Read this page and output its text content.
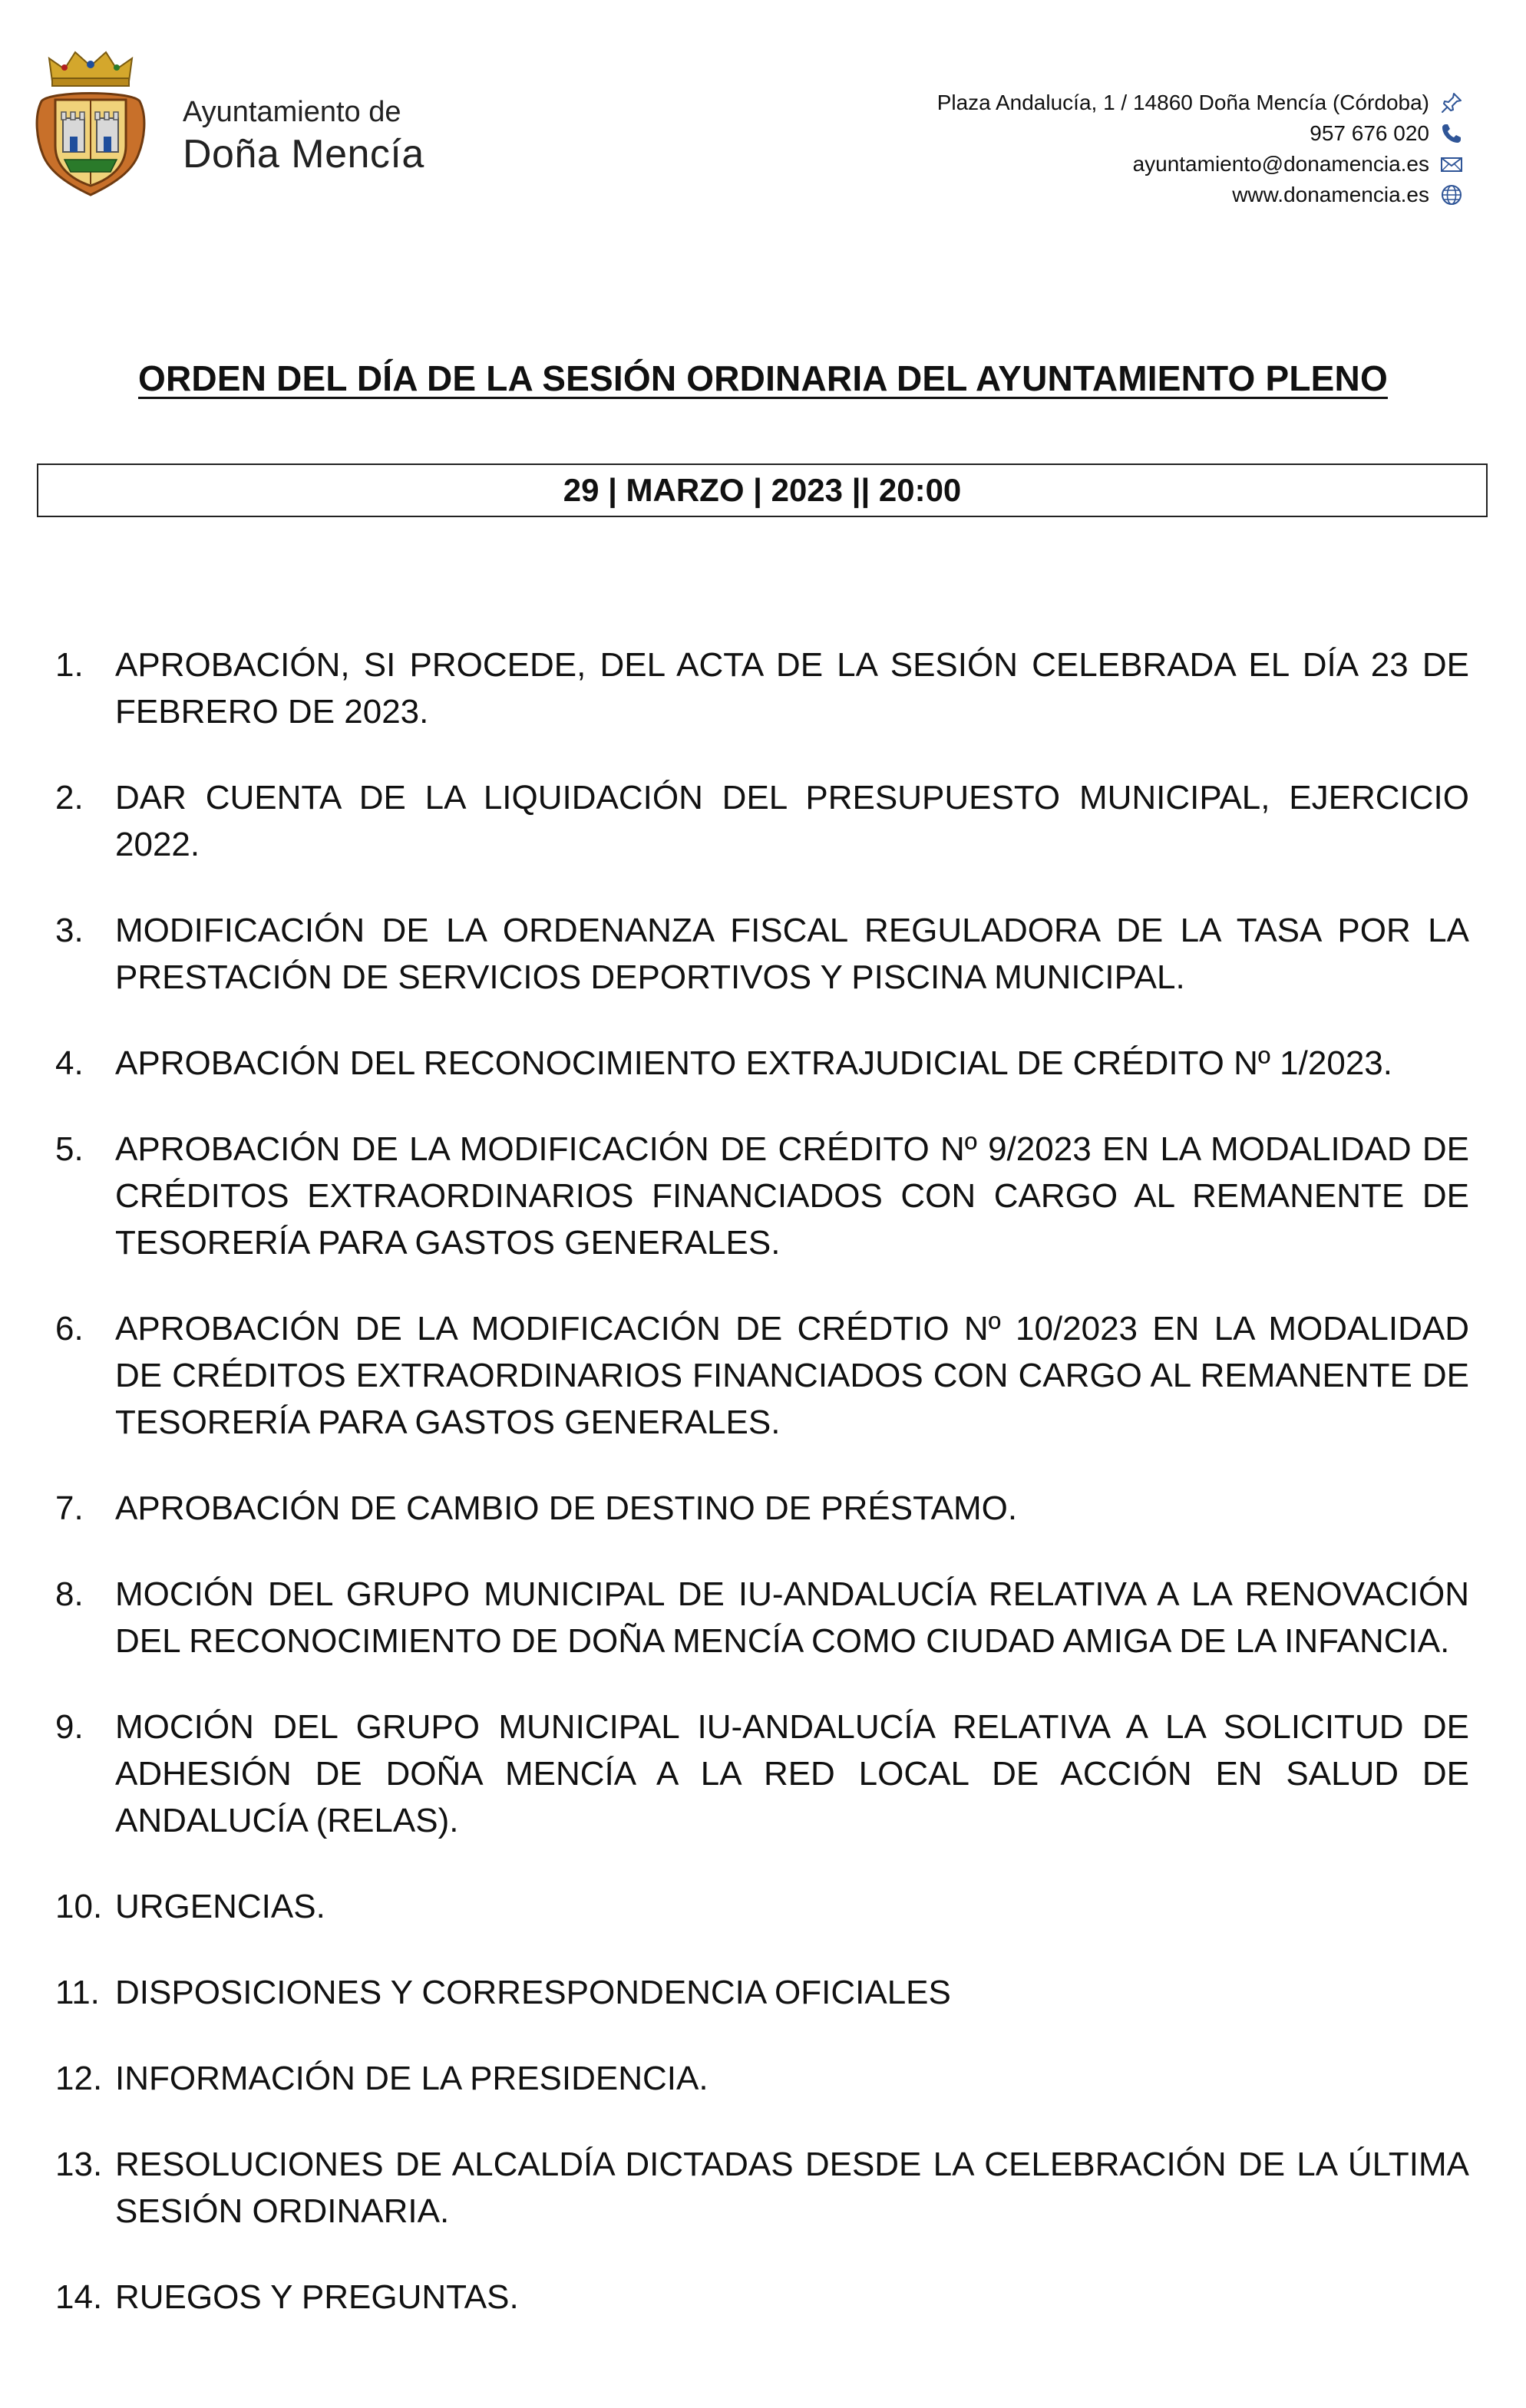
Ayuntamiento de
Doña Mencía
Plaza Andalucía, 1 / 14860 Doña Mencía (Córdoba)
957 676 020
ayuntamiento@donamencia.es
www.donamencia.es
ORDEN DEL DÍA DE LA SESIÓN ORDINARIA DEL AYUNTAMIENTO PLENO
29 | MARZO | 2023 || 20:00
1. APROBACIÓN, SI PROCEDE, DEL ACTA DE LA SESIÓN CELEBRADA EL DÍA 23 DE FEBRERO DE 2023.
2. DAR CUENTA DE LA LIQUIDACIÓN DEL PRESUPUESTO MUNICIPAL, EJERCICIO 2022.
3. MODIFICACIÓN DE LA ORDENANZA FISCAL REGULADORA DE LA TASA POR LA PRESTACIÓN DE SERVICIOS DEPORTIVOS Y PISCINA MUNICIPAL.
4. APROBACIÓN DEL RECONOCIMIENTO EXTRAJUDICIAL DE CRÉDITO Nº 1/2023.
5. APROBACIÓN DE LA MODIFICACIÓN DE CRÉDITO Nº 9/2023 EN LA MODALIDAD DE CRÉDITOS EXTRAORDINARIOS FINANCIADOS CON CARGO AL REMANENTE DE TESORERÍA PARA GASTOS GENERALES.
6. APROBACIÓN DE LA MODIFICACIÓN DE CRÉDTIO Nº 10/2023 EN LA MODALIDAD DE CRÉDITOS EXTRAORDINARIOS FINANCIADOS CON CARGO AL REMANENTE DE TESORERÍA PARA GASTOS GENERALES.
7. APROBACIÓN DE CAMBIO DE DESTINO DE PRÉSTAMO.
8. MOCIÓN DEL GRUPO MUNICIPAL DE IU-ANDALUCÍA RELATIVA A LA RENOVACIÓN DEL RECONOCIMIENTO DE DOÑA MENCÍA COMO CIUDAD AMIGA DE LA INFANCIA.
9. MOCIÓN DEL GRUPO MUNICIPAL IU-ANDALUCÍA RELATIVA A LA SOLICITUD DE ADHESIÓN DE DOÑA MENCÍA A LA RED LOCAL DE ACCIÓN EN SALUD DE ANDALUCÍA (RELAS).
10. URGENCIAS.
11. DISPOSICIONES Y CORRESPONDENCIA OFICIALES
12. INFORMACIÓN DE LA PRESIDENCIA.
13. RESOLUCIONES DE ALCALDÍA DICTADAS DESDE LA CELEBRACIÓN DE LA ÚLTIMA SESIÓN ORDINARIA.
14. RUEGOS Y PREGUNTAS.
